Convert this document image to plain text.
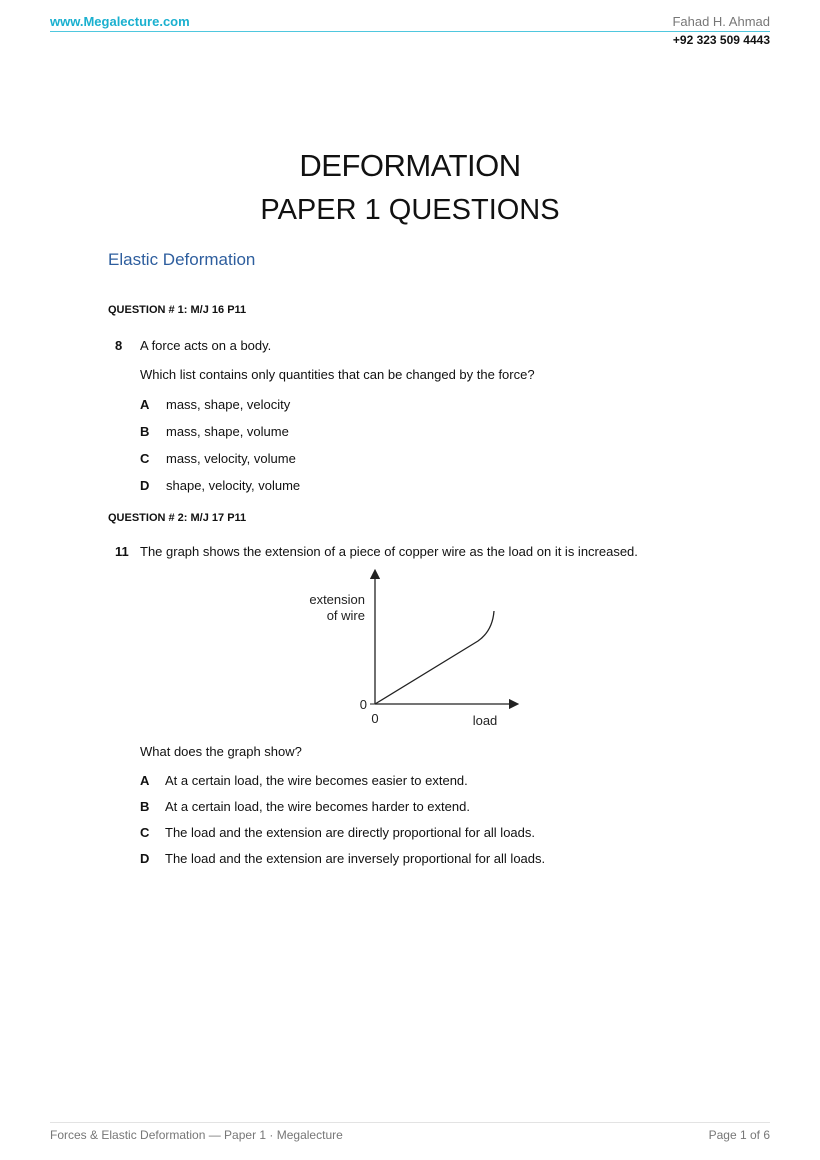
www.Megalecture.com	Fahad H. Ahmad
+92 323 509 4443
DEFORMATION
PAPER 1 QUESTIONS
Elastic Deformation
QUESTION # 1: M/J 16 P11
8 A force acts on a body.
Which list contains only quantities that can be changed by the force?
A mass, shape, velocity
B mass, shape, volume
C mass, velocity, volume
D shape, velocity, volume
QUESTION # 2: M/J 17 P11
11 The graph shows the extension of a piece of copper wire as the load on it is increased.
extension
of wire
0
0	load
What does the graph show?
A At a certain load, the wire becomes easier to extend.
B At a certain load, the wire becomes harder to extend.
C The load and the extension are directly proportional for all loads.
D The load and the extension are inversely proportional for all loads.
Forces & Elastic Deformation — Paper 1 · Megalecture	Page 1 of 6
